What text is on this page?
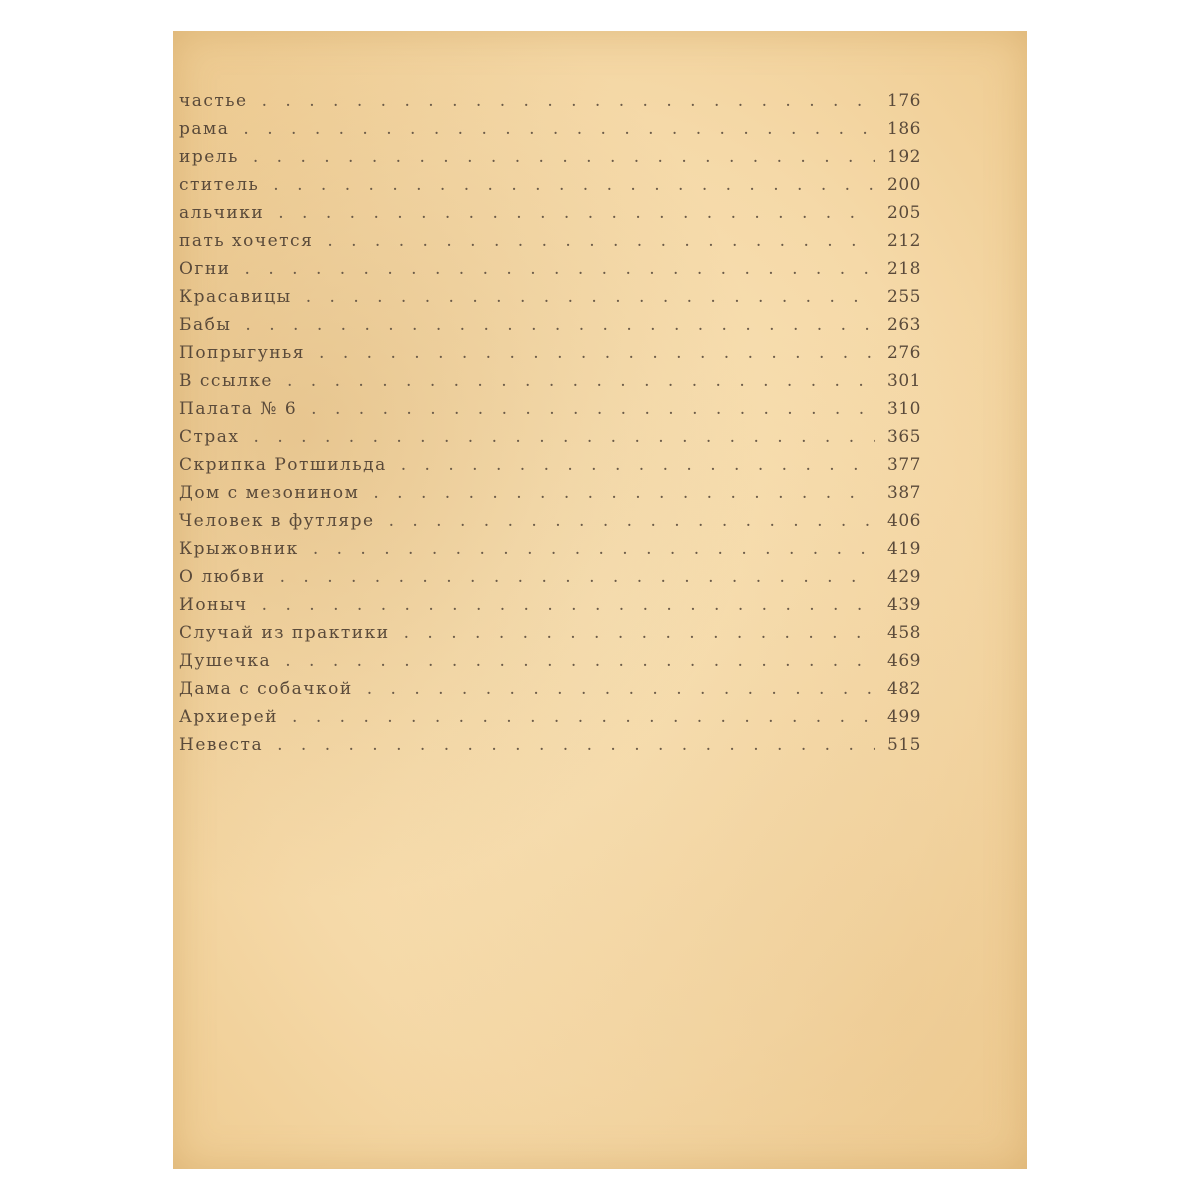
частье . . .	176
рама . . .	186
ирель . . .	192
ститель . . .	200
альчики . . .	205
пать хочется . . .	212
Огни . . .	218
Красавицы . . .	255
Бабы . . .	263
Попрыгунья . . .	276
В ссылке . . .	301
Палата № 6 . . .	310
Страх . . .	365
Скрипка Ротшильда . . .	377
Дом с мезонином . . .	387
Человек в футляре . . .	406
Крыжовник . . .	419
О любви . . .	429
Ионыч . . .	439
Случай из практики . . .	458
Душечка . . .	469
Дама с собачкой . . .	482
Архиерей . . .	499
Невеста . . .	515
